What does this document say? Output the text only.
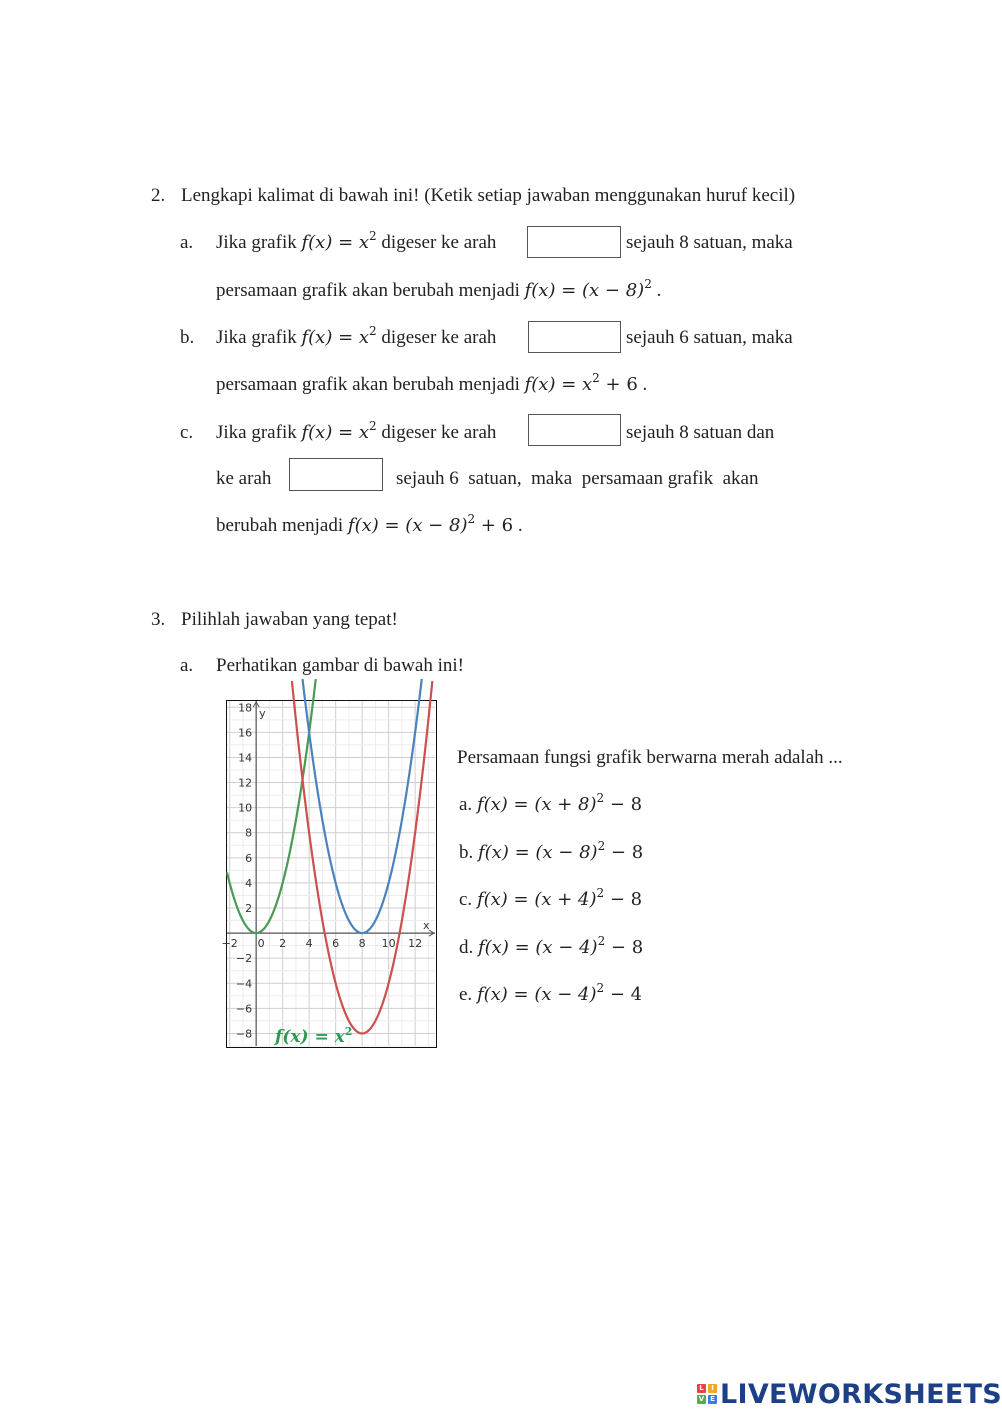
2. Lengkapi kalimat di bawah ini! (Ketik setiap jawaban menggunakan huruf kecil)
a. Jika grafik $f(x) = x^2$ digeser ke arah	sejauh 8 satuan, maka
persamaan grafik akan berubah menjadi $f(x) = (x - 8)^2$ .
b. Jika grafik $f(x) = x^2$ digeser ke arah	sejauh 6 satuan, maka
persamaan grafik akan berubah menjadi $f(x) = x^2 + 6$ .
c. Jika grafik $f(x) = x^2$ digeser ke arah	sejauh 8 satuan dan
ke arah	sejauh 6  satuan,  maka  persamaan grafik  akan
berubah menjadi $f(x) = (x - 8)^2 + 6$ .
3. Pilihlah jawaban yang tepat!
a. Perhatikan gambar di bawah ini!
x
y
−2 0 2 4 6 8 10 12
18
16
14
12
10
8
6
4
2
−2
−4
−6
−8 $f(x) = x^2$
Persamaan fungsi grafik berwarna merah adalah ...
a. $f(x) = (x + 8)^2 - 8$
b. $f(x) = (x - 8)^2 - 8$
c. $f(x) = (x + 4)^2 - 8$
d. $f(x) = (x - 4)^2 - 8$
e. $f(x) = (x - 4)^2 - 4$
L	I
V E LIVEWORKSHEETS
